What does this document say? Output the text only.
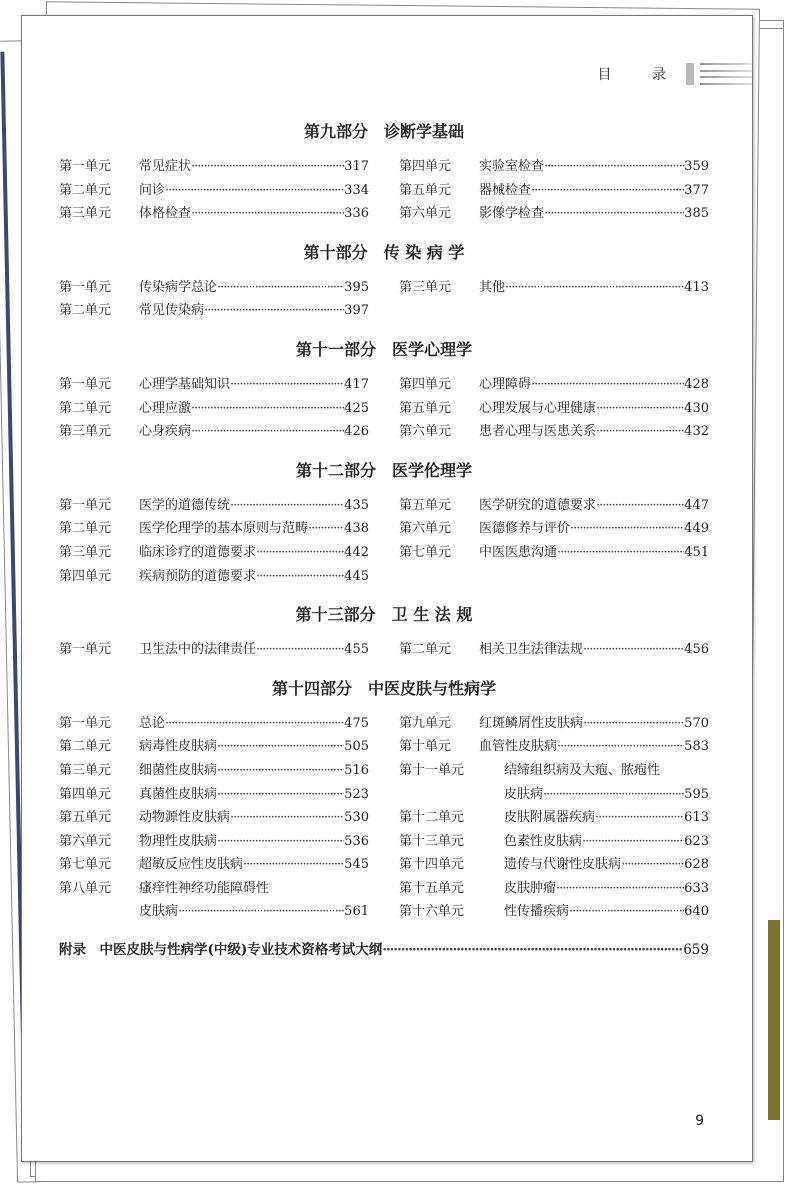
目 录
第九部分　诊断学基础
第一单元	常见症状 ·····	317
第二单元	问诊 ·····	334
第三单元	体格检查 ·····	336
第四单元	实验室检查 ·····	359
第五单元	器械检查 ·····	377
第六单元	影像学检查 ·····	385
第十部分　传 染 病 学
第一单元	传染病学总论 ·····	395
第二单元	常见传染病 ·····	397
第三单元	其他 ·····	413
第十一部分　医学心理学
第一单元	心理学基础知识 ·····	417
第二单元	心理应激 ·····	425
第三单元	心身疾病 ·····	426
第四单元	心理障碍 ·····	428
第五单元	心理发展与心理健康 ·····	430
第六单元	患者心理与医患关系 ·····	432
第十二部分　医学伦理学
第一单元	医学的道德传统 ·····	435
第二单元	医学伦理学的基本原则与范畴 ·····	438
第三单元	临床诊疗的道德要求 ·····	442
第四单元	疾病预防的道德要求 ·····	445
第五单元	医学研究的道德要求 ·····	447
第六单元	医德修养与评价 ·····	449
第七单元	中医医患沟通 ·····	451
第十三部分　卫 生 法 规
第一单元	卫生法中的法律责任 ·····	455 第二单元	相关卫生法律法规 ·····	456
第十四部分　中医皮肤与性病学
第一单元	总论 ·····	475
第二单元	病毒性皮肤病 ·····	505
第三单元	细菌性皮肤病 ·····	516
第四单元	真菌性皮肤病 ·····	523
第五单元	动物源性皮肤病 ·····	530
第六单元	物理性皮肤病 ·····	536
第七单元	超敏反应性皮肤病 ·····	545
第八单元	瘙痒性神经功能障碍性
皮肤病 ·····	561
第九单元	红斑鳞屑性皮肤病 ·····	570
第十单元	血管性皮肤病 ·····	583
第十一单元	结缔组织病及大疱、脓疱性
皮肤病 ·····	595
第十二单元	皮肤附属器疾病 ·····	613
第十三单元	色素性皮肤病 ·····	623
第十四单元	遗传与代谢性皮肤病 ·····	628
第十五单元	皮肤肿瘤 ·····	633
第十六单元	性传播疾病 ·····	640
附录　中医皮肤与性病学(中级)专业技术资格考试大纲 ·····	659
9
